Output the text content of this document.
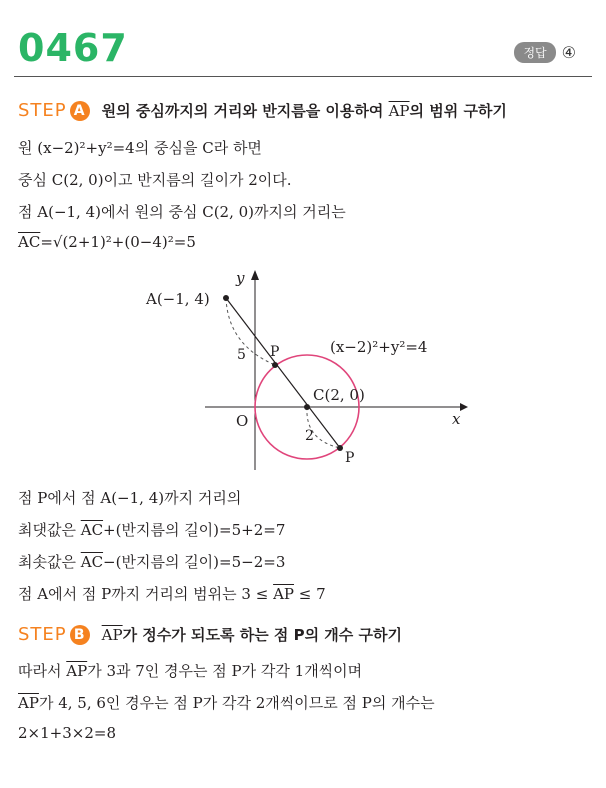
0467	정답 ④
STEP A 원의 중심까지의 거리와 반지름을 이용하여 $\overline{AP}$의 범위 구하기
원 (x−2)²+y²=4의 중심을 C라 하면
중심 C(2, 0)이고 반지름의 길이가 2이다.
점 A(−1, 4)에서 원의 중심 C(2, 0)까지의 거리는
$\overline{AC}=√(2+1)^2+(0-4)^2=5$
y
x
O
A(−1, 4)
5 P
C(2, 0)
2
P
(x−2)²+y²=4
점 P에서 점 A(−1, 4)까지 거리의
최댓값은 $\overline{AC}+$(반지름의 길이)=5+2=7
최솟값은 $\overline{AC}-$(반지름의 길이)=5−2=3
점 A에서 점 P까지 거리의 범위는 $3 \le \overline{AP} \le 7$
STEP B $\overline{AP}$가 정수가 되도록 하는 점 P의 개수 구하기
따라서 $\overline{AP}$가 3과 7인 경우는 점 P가 각각 1개씩이며
$\overline{AP}$가 4, 5, 6인 경우는 점 P가 각각 2개씩이므로 점 P의 개수는
2×1+3×2=8
